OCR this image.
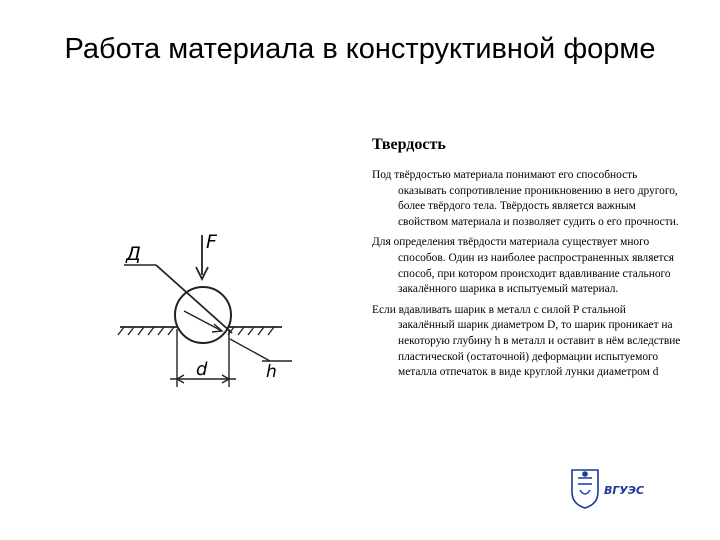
Работа материала в конструктивной форме
Д
F
d	h
Твердость

Под твёрдостью материала понимают его способность оказывать сопротивление проникновению в него другого, более твёрдого тела. Твёрдость является важным свойством материала и позволяет судить о его прочности.

Для определения твёрдости материала существует много способов. Один из наиболее распространенных является способ, при котором происходит вдавливание стального закалённого шарика в испытуемый материал.

Если вдавливать шарик в металл с силой P стальной закалённый шарик диаметром D, то шарик проникает на некоторую глубину h в металл и оставит в нём вследствие пластической (остаточной) деформации испытуемого металла отпечаток в виде круглой лунки диаметром d

ВГУЭС
